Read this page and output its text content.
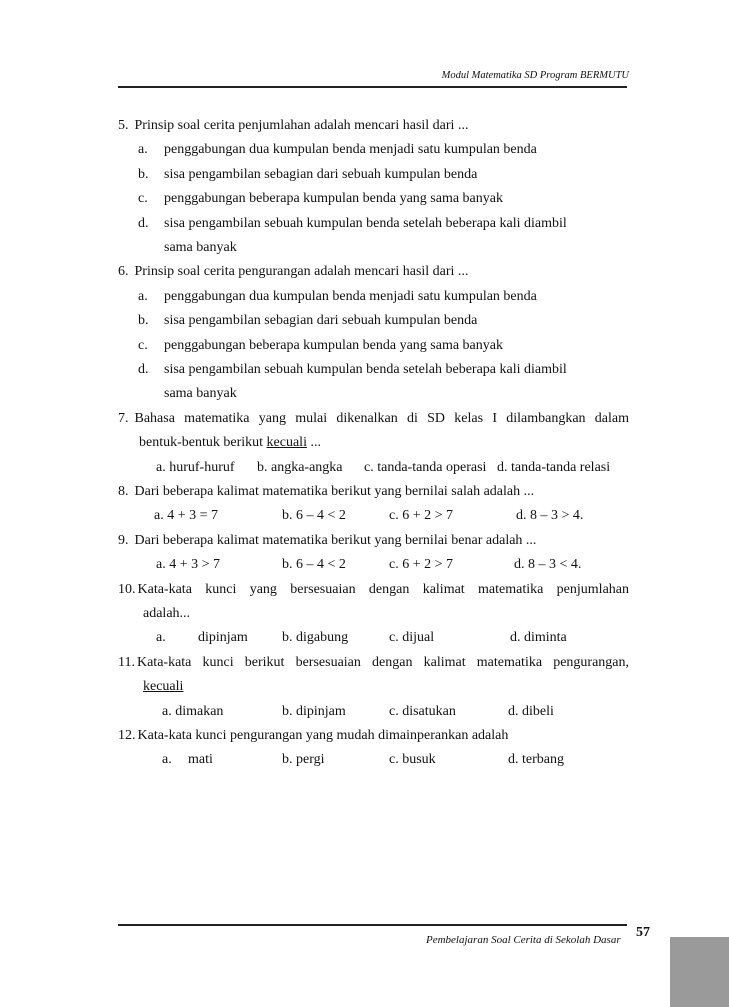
Modul Matematika SD Program BERMUTU
5. Prinsip soal cerita penjumlahan adalah mencari hasil dari ...
a.	penggabungan dua kumpulan benda menjadi satu kumpulan benda
b.	sisa pengambilan sebagian dari sebuah kumpulan benda
c.	penggabungan beberapa kumpulan benda yang sama banyak
d.	sisa pengambilan sebuah kumpulan benda setelah beberapa kali diambil
sama banyak
6. Prinsip soal cerita pengurangan adalah mencari hasil dari ...
a.	penggabungan dua kumpulan benda menjadi satu kumpulan benda
b.	sisa pengambilan sebagian dari sebuah kumpulan benda
c.	penggabungan beberapa kumpulan benda yang sama banyak
d.	sisa pengambilan sebuah kumpulan benda setelah beberapa kali diambil
sama banyak
7. Bahasa matematika yang mulai dikenalkan di SD kelas I dilambangkan dalam
bentuk-bentuk berikut kecuali ...
a. huruf-huruf b. angka-angka c. tanda-tanda operasi d. tanda-tanda relasi
8. Dari beberapa kalimat matematika berikut yang bernilai salah adalah ...
a. 4 + 3 = 7	b. 6 – 4 < 2	c. 6 + 2 > 7	d. 8 – 3 > 4.
9. Dari beberapa kalimat matematika berikut yang bernilai benar adalah ...
a. 4 + 3 > 7	b. 6 – 4 < 2	c. 6 + 2 > 7	d. 8 – 3 < 4.
10. Kata-kata kunci yang bersesuaian dengan kalimat matematika penjumlahan
adalah...
a. dipinjam b. digabung	c. dijual	d. diminta
11. Kata-kata kunci berikut bersesuaian dengan kalimat matematika pengurangan,
kecuali
a. dimakan	b. dipinjam	c. disatukan	d. dibeli
12. Kata-kata kunci pengurangan yang mudah dimainperankan adalah
a. mati	b. pergi	c. busuk	d. terbang
Pembelajaran Soal Cerita di Sekolah Dasar 57
